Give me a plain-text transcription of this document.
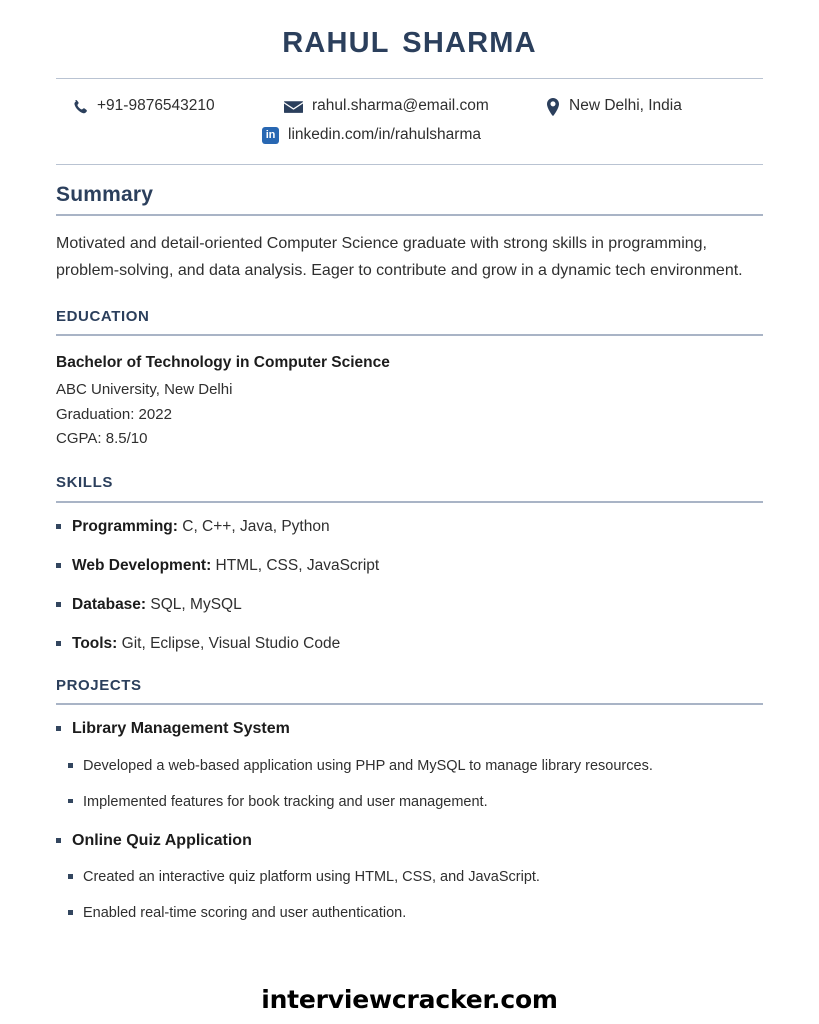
rahul sharma
+91-9876543210	rahul.sharma@email.com	New Delhi, India
in linkedin.com/in/rahulsharma
Summary

Motivated and detail-oriented Computer Science graduate with strong skills in programming, problem-solving, and data analysis. Eager to contribute and grow in a dynamic tech environment.

education

Bachelor of Technology in Computer Science

ABC University, New Delhi

Graduation: 2022

CGPA: 8.5/10

skills
Programming: C, C++, Java, Python
Web Development: HTML, CSS, JavaScript
Database: SQL, MySQL
Tools: Git, Eclipse, Visual Studio Code
projects
Library Management System
Developed a web-based application using PHP and MySQL to manage library resources.
Implemented features for book tracking and user management.
Online Quiz Application
Created an interactive quiz platform using HTML, CSS, and JavaScript.
Enabled real-time scoring and user authentication.
interviewcracker.com
